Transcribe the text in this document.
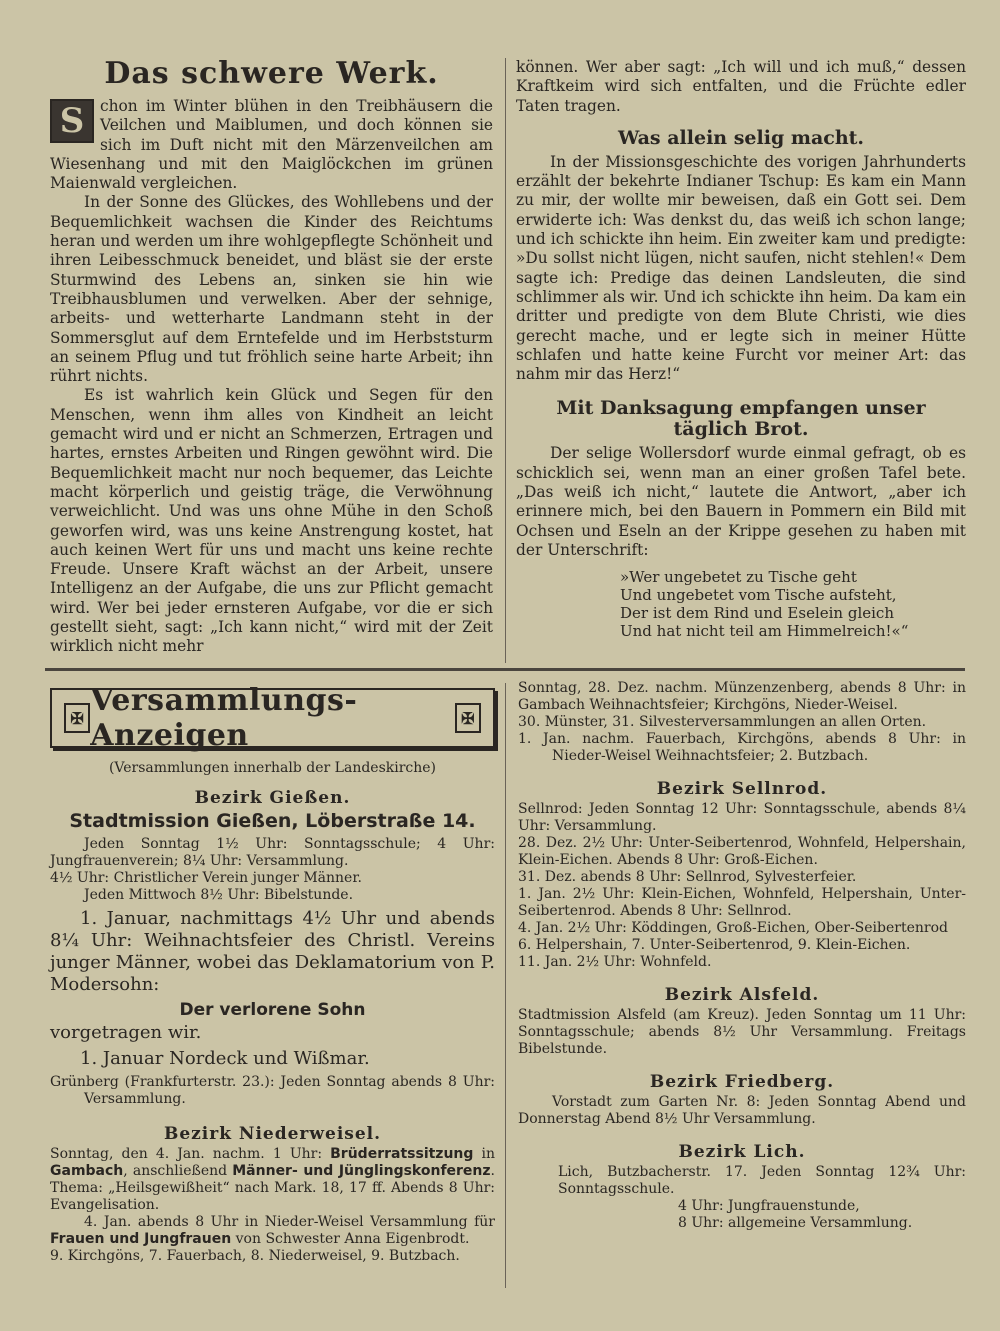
Das schwere Werk.

S	chon im Winter blühen in den Treibhäusern die Veilchen und Maiblumen, und doch können sie sich im Duft nicht mit den Märzenveilchen am Wiesenhang und mit den Maiglöckchen im grünen Maienwald vergleichen.

In der Sonne des Glückes, des Wohllebens und der Bequemlichkeit wachsen die Kinder des Reichtums heran und werden um ihre wohlgepflegte Schönheit und ihren Leibesschmuck beneidet, und bläst sie der erste Sturmwind des Lebens an, sinken sie hin wie Treibhausblumen und verwelken. Aber der sehnige, arbeits- und wetterharte Landmann steht in der Sommersglut auf dem Erntefelde und im Herbststurm an seinem Pflug und tut fröhlich seine harte Arbeit; ihn rührt nichts.

Es ist wahrlich kein Glück und Segen für den Menschen, wenn ihm alles von Kindheit an leicht gemacht wird und er nicht an Schmerzen, Ertragen und hartes, ernstes Arbeiten und Ringen gewöhnt wird. Die Bequemlichkeit macht nur noch bequemer, das Leichte macht körperlich und geistig träge, die Verwöhnung verweichlicht. Und was uns ohne Mühe in den Schoß geworfen wird, was uns keine Anstrengung kostet, hat auch keinen Wert für uns und macht uns keine rechte Freude. Unsere Kraft wächst an der Arbeit, unsere Intelligenz an der Aufgabe, die uns zur Pflicht gemacht wird. Wer bei jeder ernsteren Aufgabe, vor die er sich gestellt sieht, sagt: „Ich kann nicht,“ wird mit der Zeit wirklich nicht mehr

können. Wer aber sagt: „Ich will und ich muß,“ dessen Kraftkeim wird sich entfalten, und die Früchte edler Taten tragen.

Was allein selig macht.

In der Missionsgeschichte des vorigen Jahrhunderts erzählt der bekehrte Indianer Tschup: Es kam ein Mann zu mir, der wollte mir beweisen, daß ein Gott sei. Dem erwiderte ich: Was denkst du, das weiß ich schon lange; und ich schickte ihn heim. Ein zweiter kam und predigte: »Du sollst nicht lügen, nicht saufen, nicht stehlen!« Dem sagte ich: Predige das deinen Landsleuten, die sind schlimmer als wir. Und ich schickte ihn heim. Da kam ein dritter und predigte von dem Blute Christi, wie dies gerecht mache, und er legte sich in meiner Hütte schlafen und hatte keine Furcht vor meiner Art: das nahm mir das Herz!“

Mit Danksagung empfangen unser täglich Brot.

Der selige Wollersdorf wurde einmal gefragt, ob es schicklich sei, wenn man an einer großen Tafel bete. „Das weiß ich nicht,“ lautete die Antwort, „aber ich erinnere mich, bei den Bauern in Pommern ein Bild mit Ochsen und Eseln an der Krippe gesehen zu haben mit der Unterschrift:

»Wer ungebetet zu Tische geht
Und ungebetet vom Tische aufsteht,
Der ist dem Rind und Eselein gleich
Und hat nicht teil am Himmelreich!«“
✠ Versammlungs-Anzeigen	✠
(Versammlungen innerhalb der Landeskirche)
Bezirk Gießen.
Stadtmission Gießen, Löberstraße 14.

Jeden Sonntag 1½ Uhr: Sonntagsschule; 4 Uhr: Jungfrauenverein; 8¼ Uhr: Versammlung.

4½ Uhr: Christlicher Verein junger Männer.

Jeden Mittwoch 8½ Uhr: Bibelstunde.

1. Januar, nachmittags 4½ Uhr und abends 8¼ Uhr: Weihnachtsfeier des Christl. Vereins junger Männer, wobei das Deklamatorium von P. Modersohn:

Der verlorene Sohn

vorgetragen wir.

1. Januar Nordeck und Wißmar.

Grünberg (Frankfurterstr. 23.): Jeden Sonntag abends 8 Uhr: Versammlung.

Bezirk Niederweisel.

Sonntag, den 4. Jan. nachm. 1 Uhr: Brüderratssitzung in Gambach, anschließend Männer- und Jünglingskonferenz. Thema: „Heilsgewißheit“ nach Mark. 18, 17 ff. Abends 8 Uhr: Evangelisation.

4. Jan. abends 8 Uhr in Nieder-Weisel Versammlung für Frauen und Jungfrauen von Schwester Anna Eigenbrodt.

9. Kirchgöns, 7. Fauerbach, 8. Niederweisel, 9. Butzbach.

Sonntag, 28. Dez. nachm. Münzenzenberg, abends 8 Uhr: in Gambach Weihnachtsfeier; Kirchgöns, Nieder-Weisel.

30. Münster, 31. Silvesterversammlungen an allen Orten.

1. Jan. nachm. Fauerbach, Kirchgöns, abends 8 Uhr: in Nieder-Weisel Weihnachtsfeier; 2. Butzbach.

Bezirk Sellnrod.

Sellnrod: Jeden Sonntag 12 Uhr: Sonntagsschule, abends 8¼ Uhr: Versammlung.

28. Dez. 2½ Uhr: Unter-Seibertenrod, Wohnfeld, Helpershain, Klein-Eichen. Abends 8 Uhr: Groß-Eichen.

31. Dez. abends 8 Uhr: Sellnrod, Sylvesterfeier.

1. Jan. 2½ Uhr: Klein-Eichen, Wohnfeld, Helpershain, Unter-Seibertenrod. Abends 8 Uhr: Sellnrod.

4. Jan. 2½ Uhr: Köddingen, Groß-Eichen, Ober-Seibertenrod

6. Helpershain, 7. Unter-Seibertenrod, 9. Klein-Eichen.

11. Jan. 2½ Uhr: Wohnfeld.

Bezirk Alsfeld.

Stadtmission Alsfeld (am Kreuz). Jeden Sonntag um 11 Uhr: Sonntagsschule; abends 8½ Uhr Versammlung. Freitags Bibelstunde.

Bezirk Friedberg.

Vorstadt zum Garten Nr. 8: Jeden Sonntag Abend und Donnerstag Abend 8½ Uhr Versammlung.

Bezirk Lich.

Lich, Butzbacherstr. 17. Jeden Sonntag 12¾ Uhr: Sonntagsschule.

4 Uhr: Jungfrauenstunde,

8 Uhr: allgemeine Versammlung.
